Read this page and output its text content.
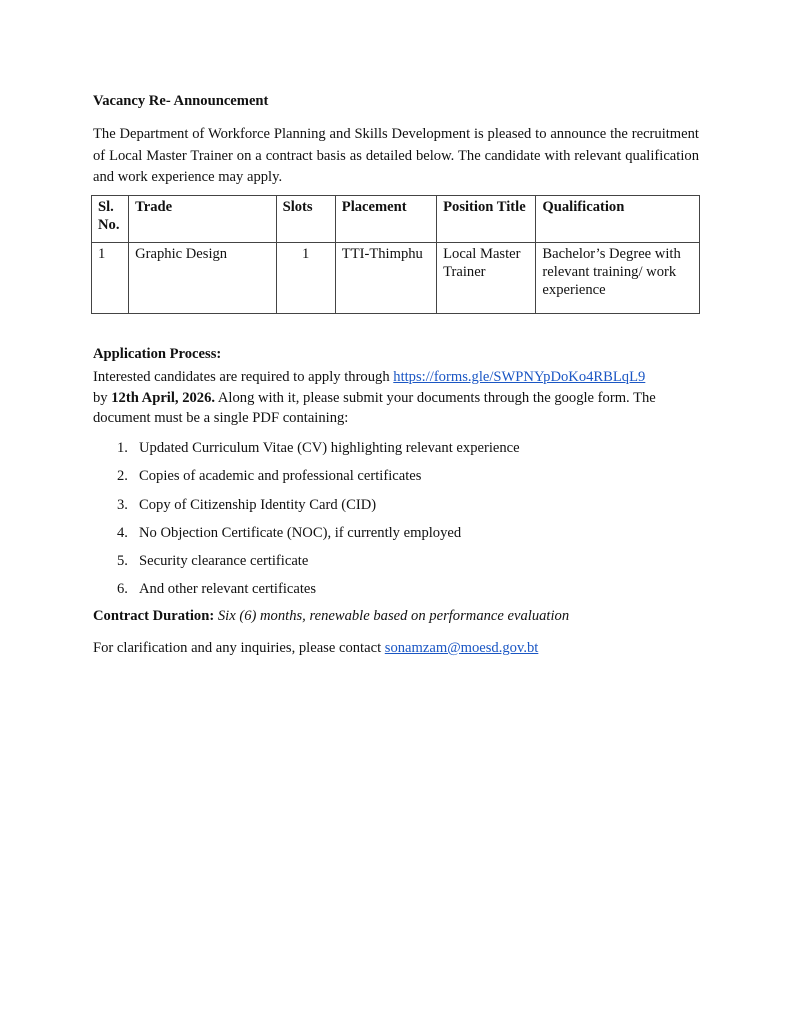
Vacancy Re- Announcement
The Department of Workforce Planning and Skills Development is pleased to announce the recruitment of Local Master Trainer on a contract basis as detailed below. The candidate with relevant qualification and work experience may apply.
Sl. No.	Trade	Slots	Placement	Position Title	Qualification
1	Graphic Design	1	TTI-Thimphu	Local Master Trainer	Bachelor’s Degree with relevant training/ work experience
Application Process:
Interested candidates are required to apply through https://forms.gle/SWPNYpDoKo4RBLqL9
by 12th April, 2026. Along with it, please submit your documents through the google form. The document must be a single PDF containing:
1. Updated Curriculum Vitae (CV) highlighting relevant experience
2. Copies of academic and professional certificates
3. Copy of Citizenship Identity Card (CID)
4. No Objection Certificate (NOC), if currently employed
5. Security clearance certificate
6. And other relevant certificates
Contract Duration: Six (6) months, renewable based on performance evaluation
For clarification and any inquiries, please contact sonamzam@moesd.gov.bt
